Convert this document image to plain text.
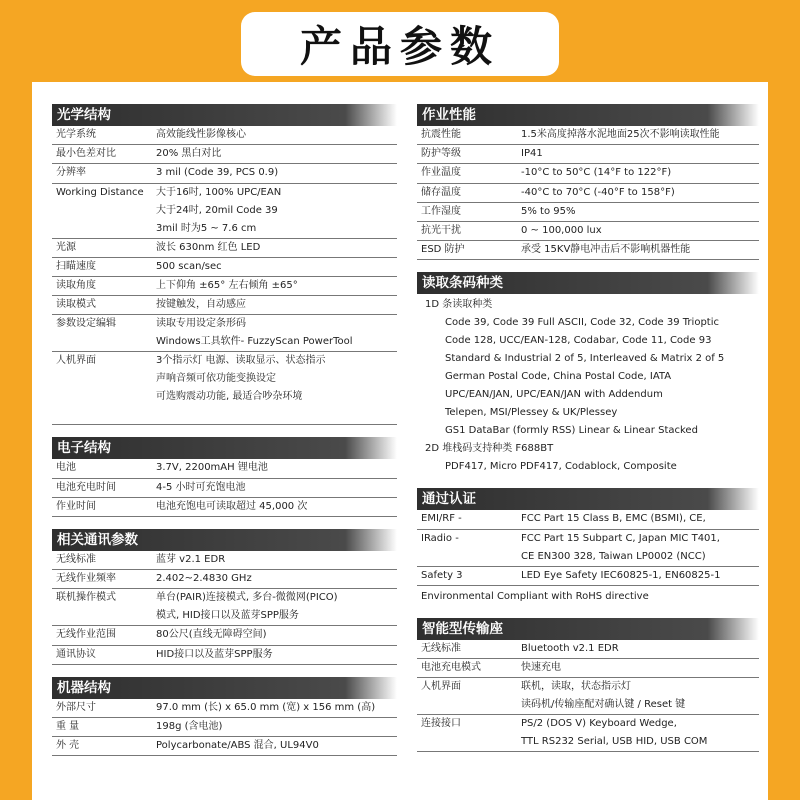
产品参数
光学结构
光学系统	高效能线性影像核心

最小色差对比	20% 黑白对比

分辨率	3 mil (Code 39, PCS 0.9)

Working Distance	大于16吋, 100% UPC/EAN
大于24吋, 20mil Code 39
3mil 时为5 ~ 7.6 cm

光源	波长 630nm 红色 LED

扫瞄速度	500 scan/sec

读取角度	上下仰角 ±65° 左右倾角 ±65°

读取模式	按键触发，自动感应

参数设定编辑	读取专用设定条形码
Windows工具软件- FuzzyScan PowerTool

人机界面	3个指示灯 电源、读取显示、状态指示
声响音频可依功能变换设定
可选购震动功能, 最适合吵杂环境

电子结构
电池	3.7V, 2200mAH 锂电池

电池充电时间	4-5 小时可充饱电池

作业时间	电池充饱电可读取超过 45,000 次
相关通讯参数
无线标准	蓝芽 v2.1 EDR

无线作业频率	2.402~2.4830 GHz

联机操作模式	单台(PAIR)连接模式, 多台-微微网(PICO)
模式, HID接口以及蓝芽SPP服务

无线作业范围	80公尺(直线无障碍空间)

通讯协议	HID接口以及蓝芽SPP服务
机器结构
外部尺寸	97.0 mm (长) x 65.0 mm (宽) x 156 mm (高)

重 量	198g (含电池)

外 壳	Polycarbonate/ABS 混合, UL94V0
作业性能
抗震性能	1.5米高度掉落水泥地面25次不影响读取性能

防护等级	IP41

作业温度	-10°C to 50°C (14°F to 122°F)

储存温度	-40°C to 70°C (-40°F to 158°F)

工作湿度	5% to 95%

抗光干扰	0 ~ 100,000 lux

ESD 防护	承受 15KV静电冲击后不影响机器性能
读取条码种类
1D 条读取种类
Code 39, Code 39 Full ASCII, Code 32, Code 39 Trioptic
Code 128, UCC/EAN-128, Codabar, Code 11, Code 93
Standard & Industrial 2 of 5, Interleaved & Matrix 2 of 5
German Postal Code, China Postal Code, IATA
UPC/EAN/JAN, UPC/EAN/JAN with Addendum
Telepen, MSI/Plessey & UK/Plessey
GS1 DataBar (formly RSS) Linear & Linear Stacked
2D 堆栈码支持种类 F688BT
PDF417, Micro PDF417, Codablock, Composite
通过认证
EMI/RF -	FCC Part 15 Class B, EMC (BSMI), CE,

IRadio -	FCC Part 15 Subpart C, Japan MIC T401,
CE EN300 328, Taiwan LP0002 (NCC)

Safety 3	LED Eye Safety IEC60825-1, EN60825-1
Environmental Compliant with RoHS directive
智能型传输座
无线标准	Bluetooth v2.1 EDR

电池充电模式	快速充电

人机界面	联机，读取，状态指示灯
读码机/传输座配对确认键 / Reset 键

连接接口	PS/2 (DOS V) Keyboard Wedge,
TTL RS232 Serial, USB HID, USB COM
